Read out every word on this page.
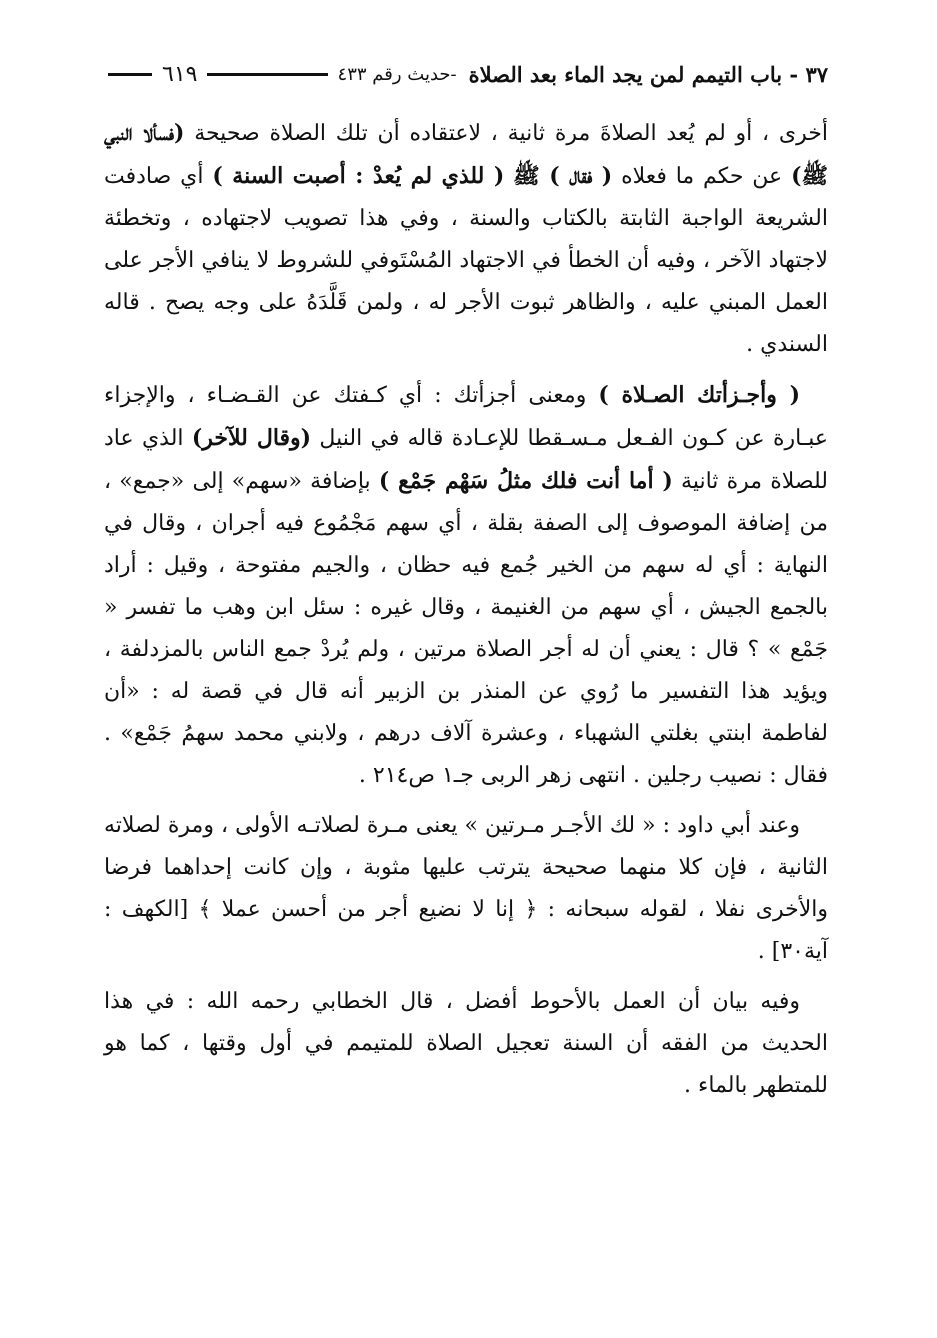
٣٧ - باب التيمم لمن يجد الماء بعد الصلاة
-حديث رقم ٤٣٣
٦١٩

أخرى ، أو لم يُعد الصلاةَ مرة ثانية ، لاعتقاده أن تلك الصلاة صحيحة (فسألا النبي ﷺ) عن حكم ما فعلاه ( فقال ) ﷺ ( للذي لم يُعدْ : أصبت السنة ) أي صادفت الشريعة الواجبة الثابتة بالكتاب والسنة ، وفي هذا تصويب لاجتهاده ، وتخطئة لاجتهاد الآخر ، وفيه أن الخطأ في الاجتهاد المُسْتَوفي للشروط لا ينافي الأجر على العمل المبني عليه ، والظاهر ثبوت الأجر له ، ولمن قَلَّدَهُ على وجه يصح . قاله السندي .

( وأجـزأتك الصـلاة ) ومعنى أجزأتك : أي كـفتك عن القـضـاء ، والإجزاء عبـارة عن كـون الفـعل مـسـقطا للإعـادة قاله في النيل (وقال للآخر) الذي عاد للصلاة مرة ثانية ( أما أنت فلك مثلُ سَهْم جَمْع ) بإضافة «سهم» إلى «جمع» ، من إضافة الموصوف إلى الصفة بقلة ، أي سهم مَجْمُوع فيه أجران ، وقال في النهاية : أي له سهم من الخير جُمع فيه حظان ، والجيم مفتوحة ، وقيل : أراد بالجمع الجيش ، أي سهم من الغنيمة ، وقال غيره : سئل ابن وهب ما تفسر « جَمْع » ؟ قال : يعني أن له أجر الصلاة مرتين ، ولم يُردْ جمع الناس بالمزدلفة ، ويؤيد هذا التفسير ما رُوي عن المنذر بن الزبير أنه قال في قصة له : «أن لفاطمة ابنتي بغلتي الشهباء ، وعشرة آلاف درهم ، ولابني محمد سهمُ جَمْع» . فقال : نصيب رجلين . انتهى زهر الربى جـ١ ص٢١٤ .

وعند أبي داود : « لك الأجـر مـرتين » يعنى مـرة لصلاتـه الأولى ، ومرة لصلاته الثانية ، فإن كلا منهما صحيحة يترتب عليها مثوبة ، وإن كانت إحداهما فرضا والأخرى نفلا ، لقوله سبحانه : ﴿ إنا لا نضيع أجر من أحسن عملا ﴾ [الكهف : آية٣٠] .

وفيه بيان أن العمل بالأحوط أفضل ، قال الخطابي رحمه الله : في هذا الحديث من الفقه أن السنة تعجيل الصلاة للمتيمم في أول وقتها ، كما هو للمتطهر بالماء .
